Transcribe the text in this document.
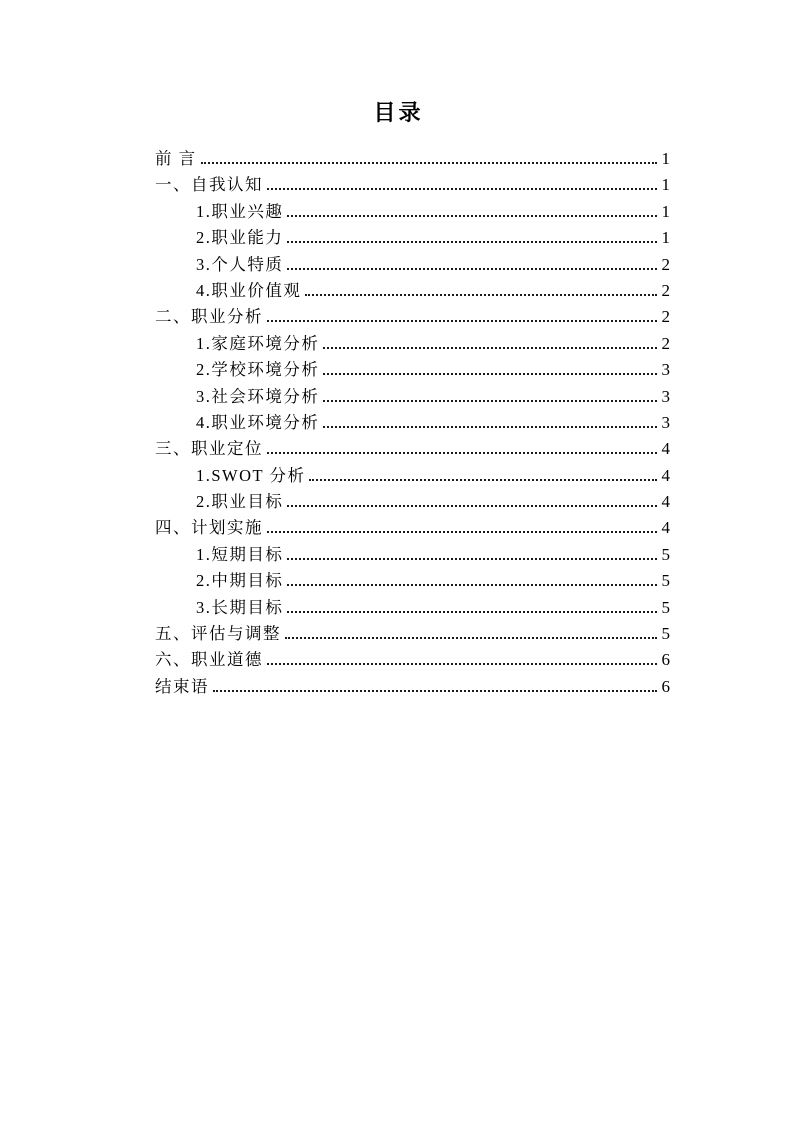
目录
前 言	1
一、自我认知	1
1.职业兴趣	1
2.职业能力	1
3.个人特质	2
4.职业价值观	2
二、职业分析	2
1.家庭环境分析	2
2.学校环境分析	3
3.社会环境分析	3
4.职业环境分析	3
三、职业定位	4
1.SWOT 分析	4
2.职业目标	4
四、计划实施	4
1.短期目标	5
2.中期目标	5
3.长期目标	5
五、评估与调整	5
六、职业道德	6
结束语	6
